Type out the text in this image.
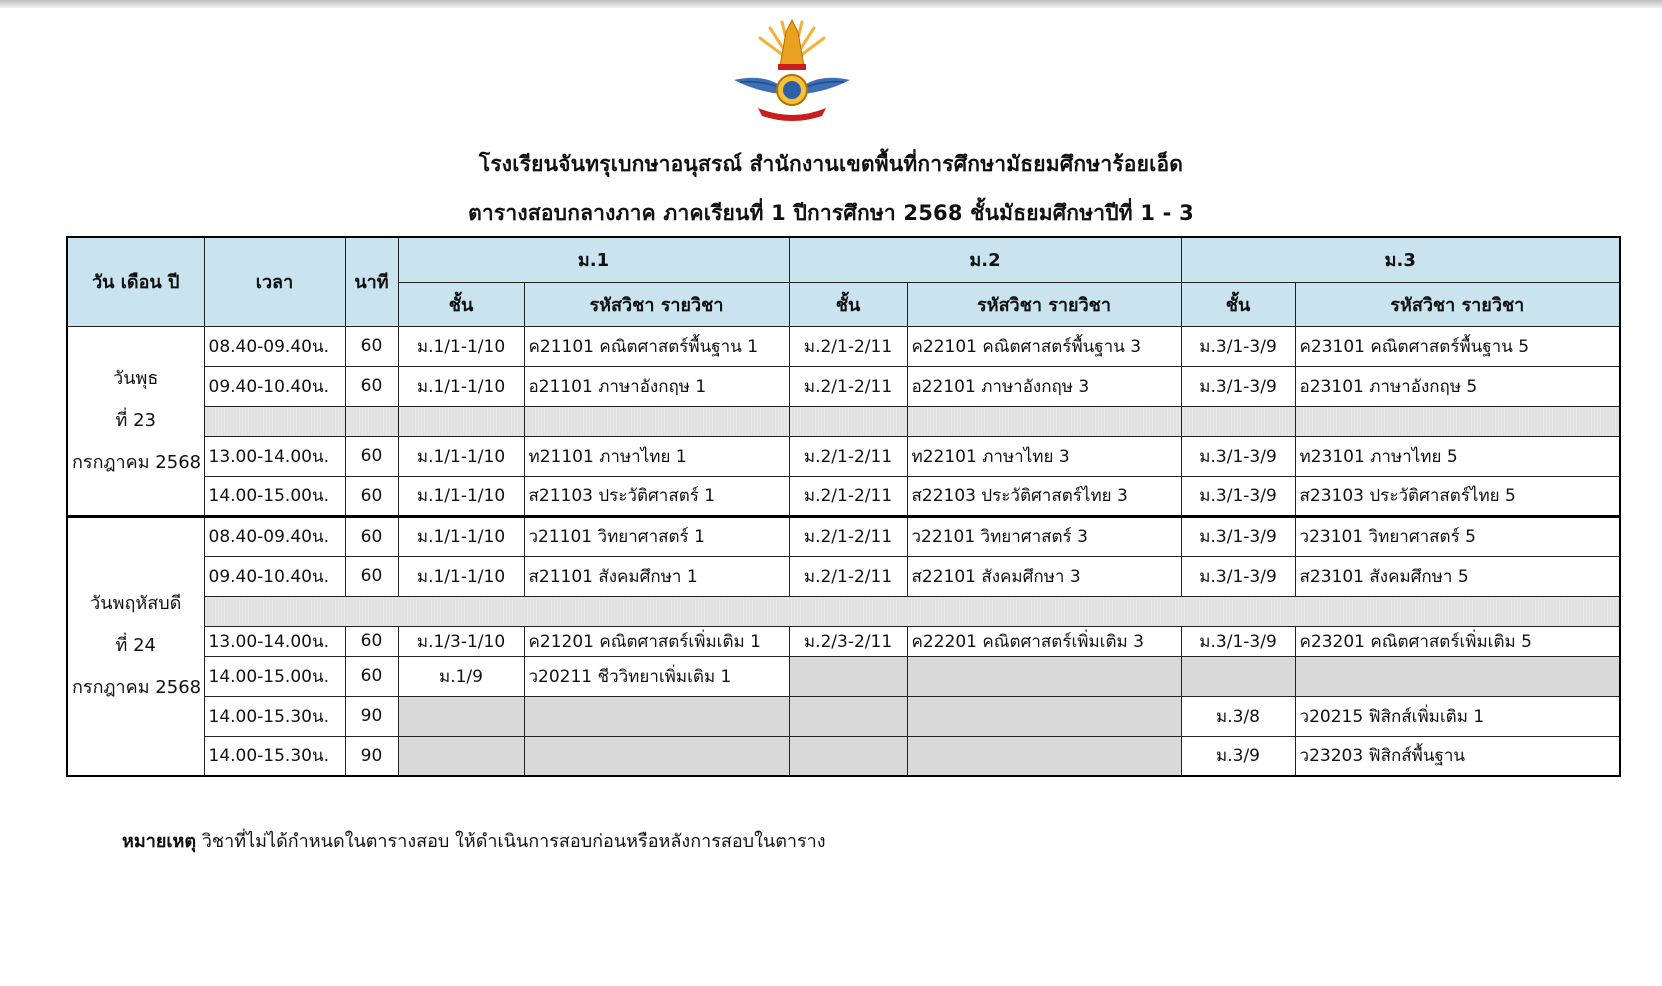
โรงเรียนจันทรุเบกษาอนุสรณ์ สำนักงานเขตพื้นที่การศึกษามัธยมศึกษาร้อยเอ็ด
ตารางสอบกลางภาค ภาคเรียนที่ 1 ปีการศึกษา 2568 ชั้นมัธยมศึกษาปีที่ 1 - 3
วัน เดือน ปี	เวลา	นาที	ม.1		ม.2		ม.3	
			ชั้น	รหัสวิชา รายวิชา	ชั้น	รหัสวิชา รายวิชา	ชั้น	รหัสวิชา รายวิชา

วันพุธ
ที่ 23
กรกฎาคม 2568	08.40-09.40น.	60	ม.1/1-1/10	ค21101 คณิตศาสตร์พื้นฐาน 1	ม.2/1-2/11	ค22101 คณิตศาสตร์พื้นฐาน 3	ม.3/1-3/9	ค23101 คณิตศาสตร์พื้นฐาน 5
	09.40-10.40น.	60	ม.1/1-1/10	อ21101 ภาษาอังกฤษ 1	ม.2/1-2/11	อ22101 ภาษาอังกฤษ 3	ม.3/1-3/9	อ23101 ภาษาอังกฤษ 5

	13.00-14.00น.	60	ม.1/1-1/10	ท21101 ภาษาไทย 1	ม.2/1-2/11	ท22101 ภาษาไทย 3	ม.3/1-3/9	ท23101 ภาษาไทย 5
	14.00-15.00น.	60	ม.1/1-1/10	ส21103 ประวัติศาสตร์ 1	ม.2/1-2/11	ส22103 ประวัติศาสตร์ไทย 3	ม.3/1-3/9	ส23103 ประวัติศาสตร์ไทย 5

วันพฤหัสบดี
ที่ 24
กรกฎาคม 2568	08.40-09.40น.	60	ม.1/1-1/10	ว21101 วิทยาศาสตร์ 1	ม.2/1-2/11	ว22101 วิทยาศาสตร์ 3	ม.3/1-3/9	ว23101 วิทยาศาสตร์ 5
	09.40-10.40น.	60	ม.1/1-1/10	ส21101 สังคมศึกษา 1	ม.2/1-2/11	ส22101 สังคมศึกษา 3	ม.3/1-3/9	ส23101 สังคมศึกษา 5

	13.00-14.00น.	60	ม.1/3-1/10	ค21201 คณิตศาสตร์เพิ่มเติม 1	ม.2/3-2/11	ค22201 คณิตศาสตร์เพิ่มเติม 3	ม.3/1-3/9	ค23201 คณิตศาสตร์เพิ่มเติม 5
	14.00-15.00น.	60	ม.1/9	ว20211 ชีววิทยาเพิ่มเติม 1				
	14.00-15.30น.	90					ม.3/8	ว20215 ฟิสิกส์เพิ่มเติม 1
	14.00-15.30น.	90					ม.3/9	ว23203 ฟิสิกส์พื้นฐาน
หมายเหตุ วิชาที่ไม่ได้กำหนดในตารางสอบ ให้ดำเนินการสอบก่อนหรือหลังการสอบในตาราง
